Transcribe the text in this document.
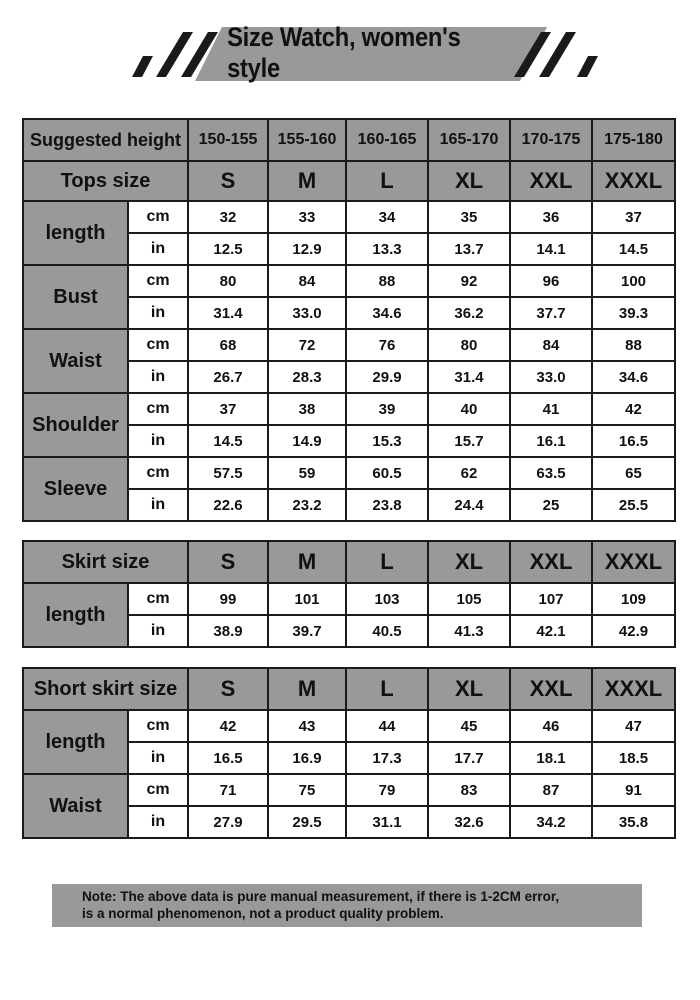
Size Watch, women's style
Suggested height		150-155	155-160	160-165	165-170	170-175	175-180
Tops size		S	M	L	XL	XXL	XXXL
length	cm	32	33	34	35	36	37
	in	12.5	12.9	13.3	13.7	14.1	14.5
Bust	cm	80	84	88	92	96	100
	in	31.4	33.0	34.6	36.2	37.7	39.3
Waist	cm	68	72	76	80	84	88
	in	26.7	28.3	29.9	31.4	33.0	34.6
Shoulder	cm	37	38	39	40	41	42
	in	14.5	14.9	15.3	15.7	16.1	16.5
Sleeve	cm	57.5	59	60.5	62	63.5	65
	in	22.6	23.2	23.8	24.4	25	25.5
Skirt size		S	M	L	XL	XXL	XXXL
length	cm	99	101	103	105	107	109
	in	38.9	39.7	40.5	41.3	42.1	42.9
Short skirt size		S	M	L	XL	XXL	XXXL
length	cm	42	43	44	45	46	47
	in	16.5	16.9	17.3	17.7	18.1	18.5
Waist	cm	71	75	79	83	87	91
	in	27.9	29.5	31.1	32.6	34.2	35.8
Note: The above data is pure manual measurement, if there is 1-2CM error,
is a normal phenomenon, not a product quality problem.
